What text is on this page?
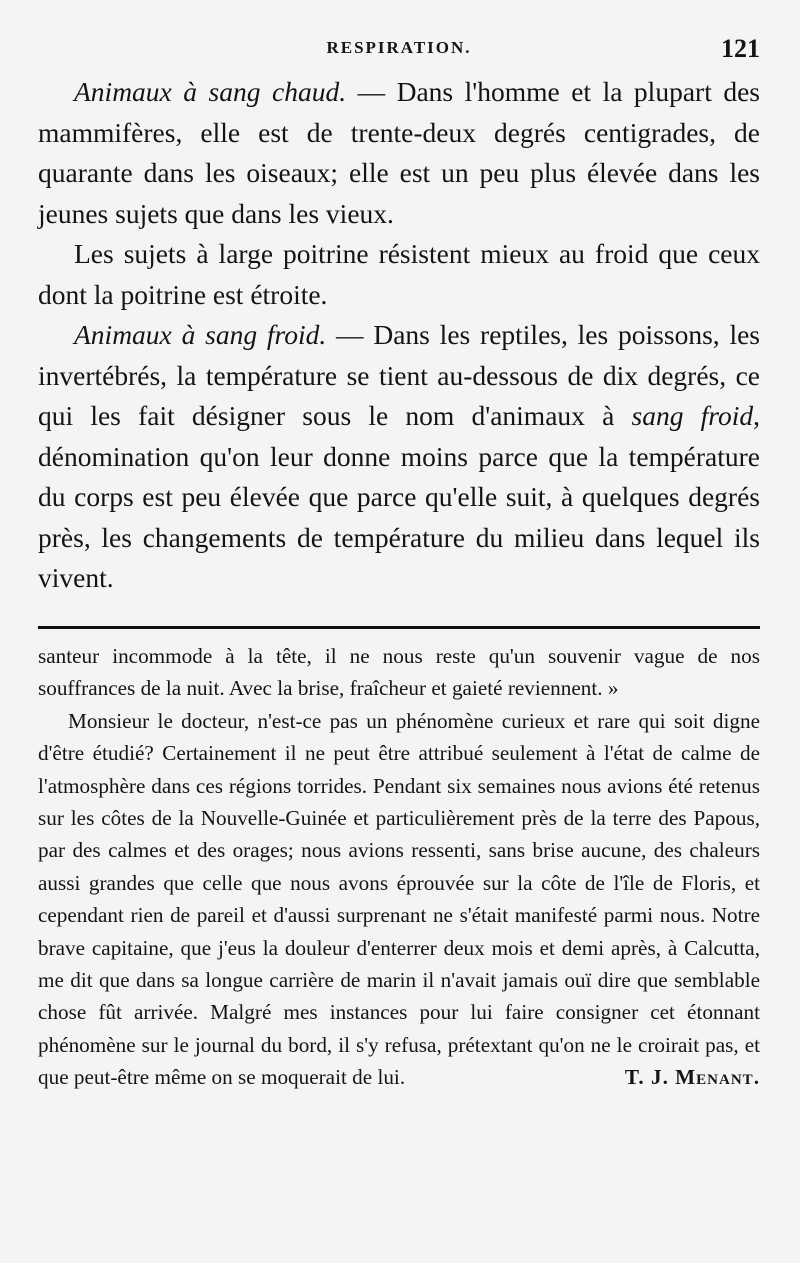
RESPIRATION.	121

Animaux à sang chaud. — Dans l'homme et la plupart des mammifères, elle est de trente-deux degrés centigrades, de quarante dans les oiseaux; elle est un peu plus élevée dans les jeunes sujets que dans les vieux.

Les sujets à large poitrine résistent mieux au froid que ceux dont la poitrine est étroite.

Animaux à sang froid. — Dans les reptiles, les poissons, les invertébrés, la température se tient au-dessous de dix degrés, ce qui les fait désigner sous le nom d'animaux à sang froid, dénomination qu'on leur donne moins parce que la température du corps est peu élevée que parce qu'elle suit, à quelques degrés près, les changements de température du milieu dans lequel ils vivent.

santeur incommode à la tête, il ne nous reste qu'un souvenir vague de nos souffrances de la nuit. Avec la brise, fraîcheur et gaieté reviennent. »

Monsieur le docteur, n'est-ce pas un phénomène curieux et rare qui soit digne d'être étudié? Certainement il ne peut être attribué seulement à l'état de calme de l'atmosphère dans ces régions torrides. Pendant six semaines nous avions été retenus sur les côtes de la Nouvelle-Guinée et particulièrement près de la terre des Papous, par des calmes et des orages; nous avions ressenti, sans brise aucune, des chaleurs aussi grandes que celle que nous avons éprouvée sur la côte de l'île de Floris, et cependant rien de pareil et d'aussi surprenant ne s'était manifesté parmi nous. Notre brave capitaine, que j'eus la douleur d'enterrer deux mois et demi après, à Calcutta, me dit que dans sa longue carrière de marin il n'avait jamais ouï dire que semblable chose fût arrivée. Malgré mes instances pour lui faire consigner cet étonnant phénomène sur le journal du bord, il s'y refusa, prétextant qu'on ne le croirait pas, et que peut-être même on se moquerait de lui.	T. J. Menant.
